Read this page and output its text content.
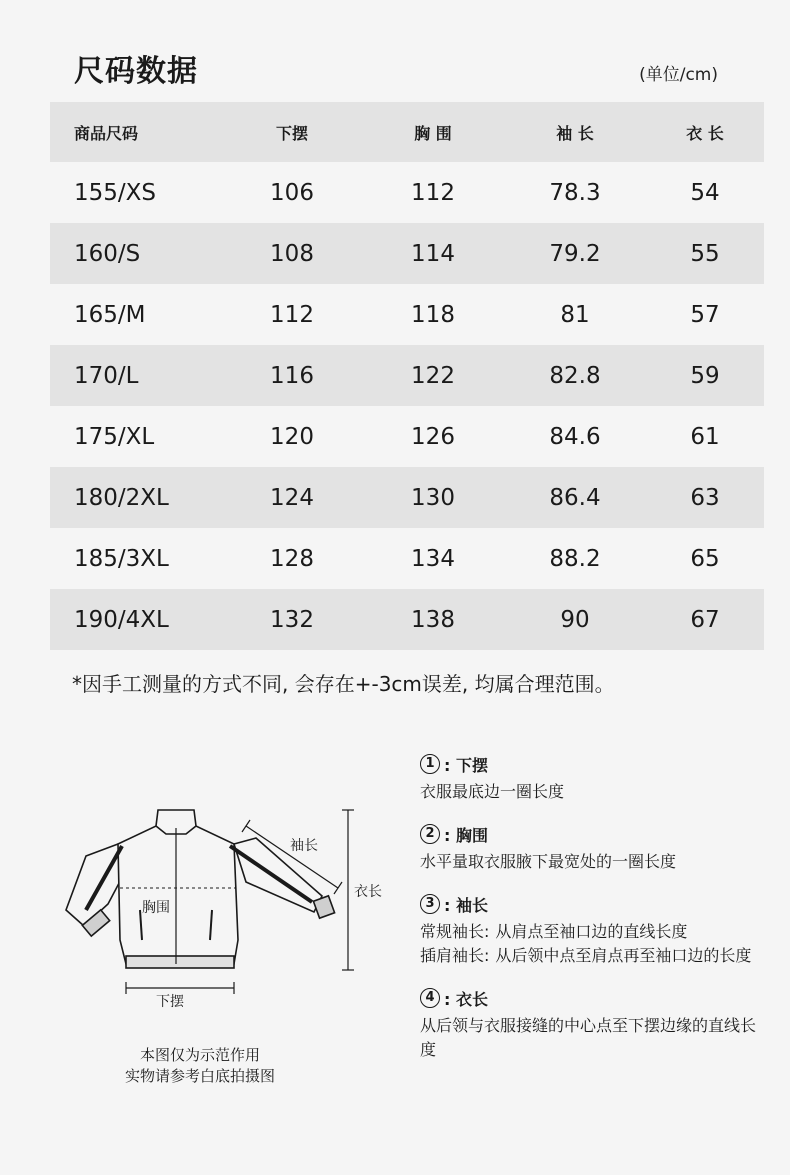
尺码数据	(单位/cm)
商品尺码	下摆	胸 围	袖 长	衣 长
155/XS	106	112	78.3	54
160/S	108	114	79.2	55
165/M	112	118	81	57
170/L	116	122	82.8	59
175/XL	120	126	84.6	61
180/2XL	124	130	86.4	63
185/3XL	128	134	88.2	65
190/4XL	132	138	90	67
*因手工测量的方式不同, 会存在+-3cm误差, 均属合理范围。
袖长
衣长
胸围
下摆
本图仅为示范作用
实物请参考白底拍摄图
1 : 下摆
衣服最底边一圈长度
2 : 胸围
水平量取衣服腋下最宽处的一圈长度
3 : 袖长
常规袖长: 从肩点至袖口边的直线长度
插肩袖长: 从后领中点至肩点再至袖口边的长度
4 : 衣长
从后领与衣服接缝的中心点至下摆边缘的直线长度
